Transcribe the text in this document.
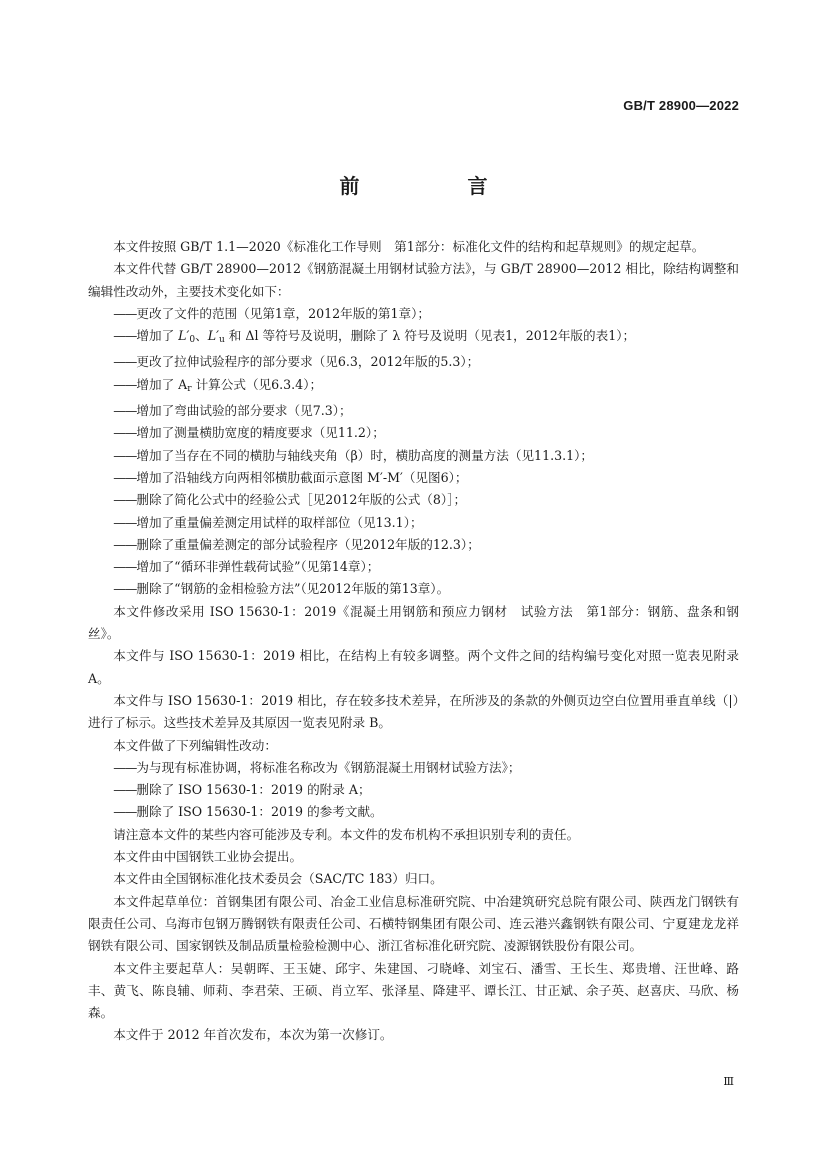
GB/T 28900—2022
前　言

本文件按照 GB/T 1.1—2020《标准化工作导则　第1部分：标准化文件的结构和起草规则》的规定起草。

本文件代替 GB/T 28900—2012《钢筋混凝土用钢材试验方法》，与 GB/T 28900—2012 相比，除结构调整和编辑性改动外，主要技术变化如下：

——更改了文件的范围（见第1章，2012年版的第1章）；

——增加了 $L'_0$、$L'_u$ 和 Δl 等符号及说明，删除了 λ 符号及说明（见表1，2012年版的表1）；

——更改了拉伸试验程序的部分要求（见6.3，2012年版的5.3）；

——增加了 $A_r$ 计算公式（见6.3.4）；

——增加了弯曲试验的部分要求（见7.3）；

——增加了测量横肋宽度的精度要求（见11.2）；

——增加了当存在不同的横肋与轴线夹角（β）时，横肋高度的测量方法（见11.3.1）；

——增加了沿轴线方向两相邻横肋截面示意图 M′-M′（见图6）；

——删除了简化公式中的经验公式［见2012年版的公式（8）］；

——增加了重量偏差测定用试样的取样部位（见13.1）；

——删除了重量偏差测定的部分试验程序（见2012年版的12.3）；

——增加了“循环非弹性载荷试验”（见第14章）；

——删除了“钢筋的金相检验方法”（见2012年版的第13章）。

本文件修改采用 ISO 15630-1：2019《混凝土用钢筋和预应力钢材　试验方法　第1部分：钢筋、盘条和钢丝》。

本文件与 ISO 15630-1：2019 相比，在结构上有较多调整。两个文件之间的结构编号变化对照一览表见附录 A。

本文件与 ISO 15630-1：2019 相比，存在较多技术差异，在所涉及的条款的外侧页边空白位置用垂直单线（|）进行了标示。这些技术差异及其原因一览表见附录 B。

本文件做了下列编辑性改动：

——为与现有标准协调，将标准名称改为《钢筋混凝土用钢材试验方法》；

——删除了 ISO 15630-1：2019 的附录 A；

——删除了 ISO 15630-1：2019 的参考文献。

请注意本文件的某些内容可能涉及专利。本文件的发布机构不承担识别专利的责任。

本文件由中国钢铁工业协会提出。

本文件由全国钢标准化技术委员会（SAC/TC 183）归口。

本文件起草单位：首钢集团有限公司、冶金工业信息标准研究院、中冶建筑研究总院有限公司、陕西龙门钢铁有限责任公司、乌海市包钢万腾钢铁有限责任公司、石横特钢集团有限公司、连云港兴鑫钢铁有限公司、宁夏建龙龙祥钢铁有限公司、国家钢铁及制品质量检验检测中心、浙江省标准化研究院、凌源钢铁股份有限公司。

本文件主要起草人：吴朝晖、王玉婕、邱宇、朱建国、刁晓峰、刘宝石、潘雪、王长生、郑贵增、汪世峰、路丰、黄飞、陈良辅、师莉、李君荣、王硕、肖立军、张泽星、降建平、谭长江、甘正斌、余子英、赵喜庆、马欣、杨森。

本文件于 2012 年首次发布，本次为第一次修订。

Ⅲ
